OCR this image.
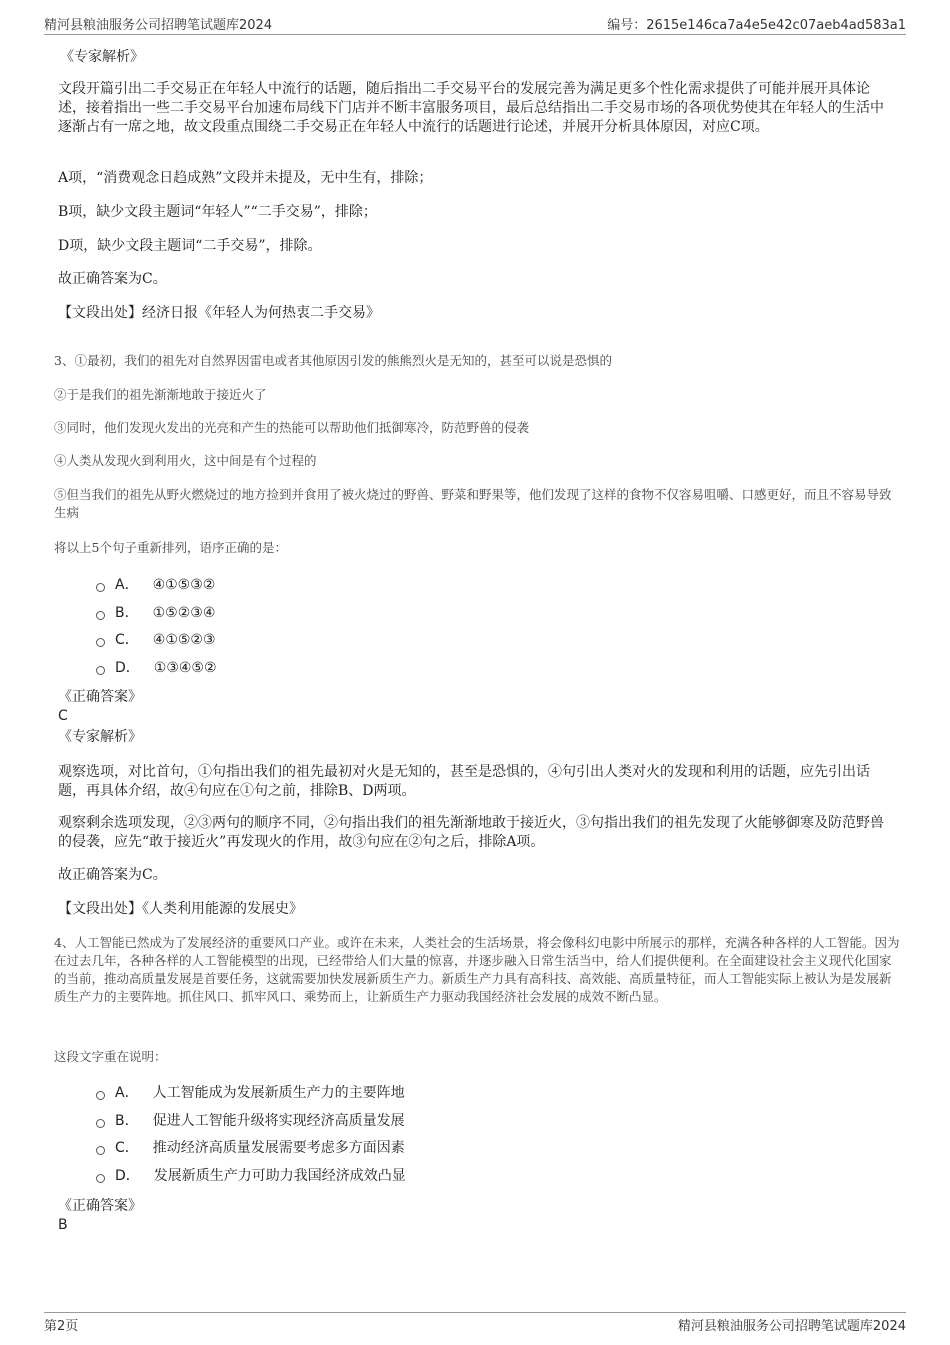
精河县粮油服务公司招聘笔试题库2024	编号：2615e146ca7a4e5e42c07aeb4ad583a1

《专家解析》

文段开篇引出二手交易正在年轻人中流行的话题，随后指出二手交易平台的发展完善为满足更多个性化需求提供了可能并展开具体论述，接着指出一些二手交易平台加速布局线下门店并不断丰富服务项目，最后总结指出二手交易市场的各项优势使其在年轻人的生活中逐渐占有一席之地，故文段重点围绕二手交易正在年轻人中流行的话题进行论述，并展开分析具体原因，对应C项。

A项，“消费观念日趋成熟”文段并未提及，无中生有，排除；

B项，缺少文段主题词“年轻人”“二手交易”，排除；

D项，缺少文段主题词“二手交易”，排除。

故正确答案为C。

【文段出处】经济日报《年轻人为何热衷二手交易》

3、①最初，我们的祖先对自然界因雷电或者其他原因引发的熊熊烈火是无知的，甚至可以说是恐惧的

②于是我们的祖先渐渐地敢于接近火了

③同时，他们发现火发出的光亮和产生的热能可以帮助他们抵御寒冷，防范野兽的侵袭

④人类从发现火到利用火，这中间是有个过程的

⑤但当我们的祖先从野火燃烧过的地方捡到并食用了被火烧过的野兽、野菜和野果等，他们发现了这样的食物不仅容易咀嚼、口感更好，而且不容易导致生病

将以上5个句子重新排列，语序正确的是：

A． ④①⑤③②
B． ①⑤②③④
C． ④①⑤②③
D． ①③④⑤②

《正确答案》

C

《专家解析》

观察选项，对比首句，①句指出我们的祖先最初对火是无知的，甚至是恐惧的，④句引出人类对火的发现和利用的话题，应先引出话题，再具体介绍，故④句应在①句之前，排除B、D两项。

观察剩余选项发现，②③两句的顺序不同，②句指出我们的祖先渐渐地敢于接近火，③句指出我们的祖先发现了火能够御寒及防范野兽的侵袭，应先“敢于接近火”再发现火的作用，故③句应在②句之后，排除A项。

故正确答案为C。

【文段出处】《人类利用能源的发展史》

4、人工智能已然成为了发展经济的重要风口产业。或许在未来，人类社会的生活场景，将会像科幻电影中所展示的那样，充满各种各样的人工智能。因为在过去几年，各种各样的人工智能模型的出现，已经带给人们大量的惊喜，并逐步融入日常生活当中，给人们提供便利。在全面建设社会主义现代化国家的当前，推动高质量发展是首要任务，这就需要加快发展新质生产力。新质生产力具有高科技、高效能、高质量特征，而人工智能实际上被认为是发展新质生产力的主要阵地。抓住风口、抓牢风口、乘势而上，让新质生产力驱动我国经济社会发展的成效不断凸显。

这段文字重在说明：

A． 人工智能成为发展新质生产力的主要阵地
B． 促进人工智能升级将实现经济高质量发展
C． 推动经济高质量发展需要考虑多方面因素
D． 发展新质生产力可助力我国经济成效凸显

《正确答案》

B

第2页	精河县粮油服务公司招聘笔试题库2024
